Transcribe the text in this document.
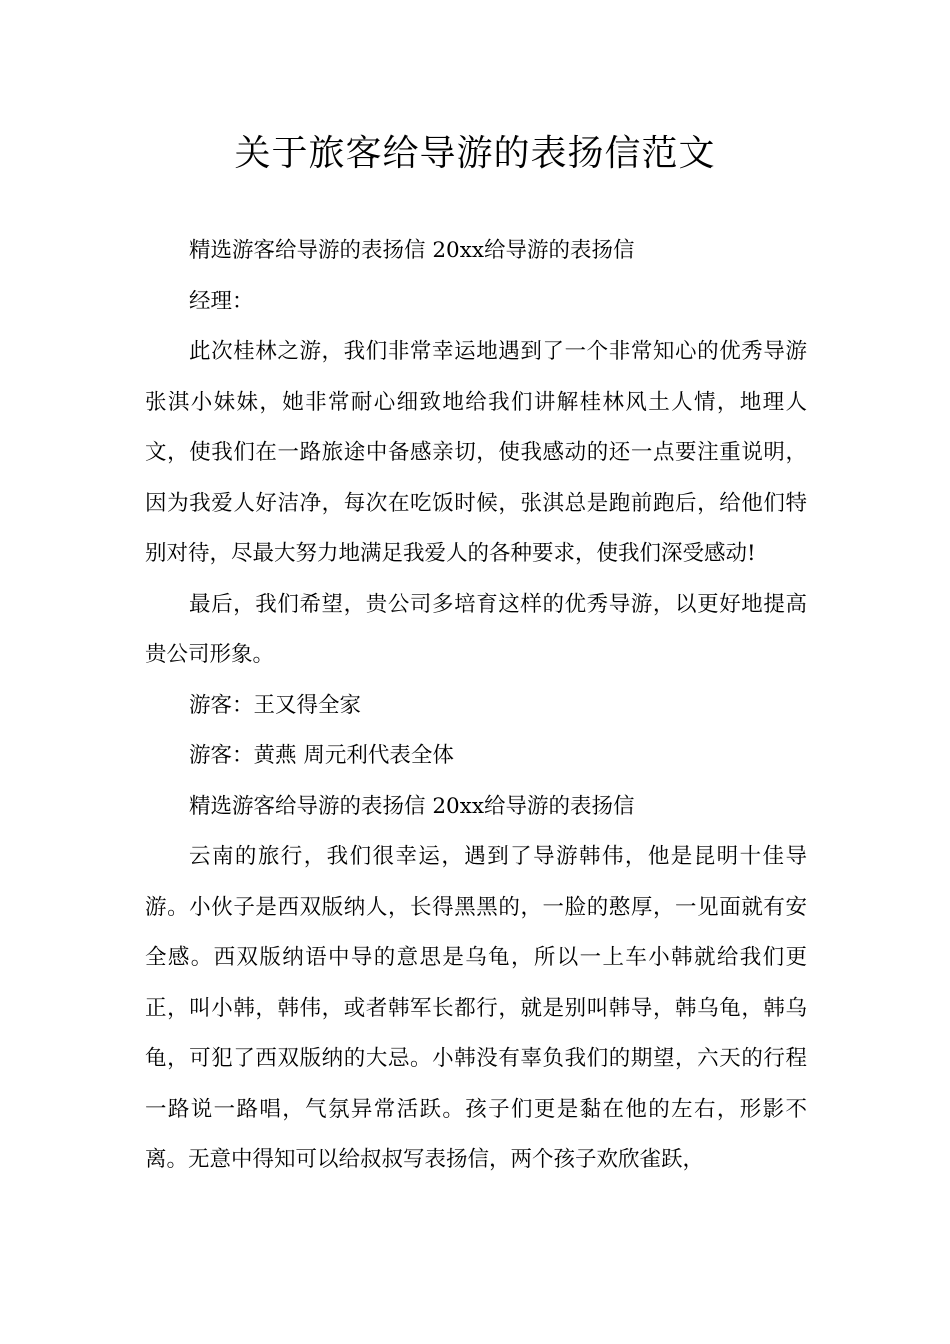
关于旅客给导游的表扬信范文

精选游客给导游的表扬信 20xx给导游的表扬信

经理：

此次桂林之游，我们非常幸运地遇到了一个非常知心的优秀导游张淇小妹妹，她非常耐心细致地给我们讲解桂林风土人情，地理人文，使我们在一路旅途中备感亲切，使我感动的还一点要注重说明，因为我爱人好洁净，每次在吃饭时候，张淇总是跑前跑后，给他们特别对待，尽最大努力地满足我爱人的各种要求，使我们深受感动!

最后，我们希望，贵公司多培育这样的优秀导游，以更好地提高贵公司形象。

游客：王又得全家

游客：黄燕 周元利代表全体

精选游客给导游的表扬信 20xx给导游的表扬信

云南的旅行，我们很幸运，遇到了导游韩伟，他是昆明十佳导游。小伙子是西双版纳人，长得黑黑的，一脸的憨厚，一见面就有安全感。西双版纳语中导的意思是乌龟，所以一上车小韩就给我们更正，叫小韩，韩伟，或者韩军长都行，就是别叫韩导，韩乌龟，韩乌龟，可犯了西双版纳的大忌。小韩没有辜负我们的期望，六天的行程一路说一路唱，气氛异常活跃。孩子们更是黏在他的左右，形影不离。无意中得知可以给叔叔写表扬信，两个孩子欢欣雀跃，
